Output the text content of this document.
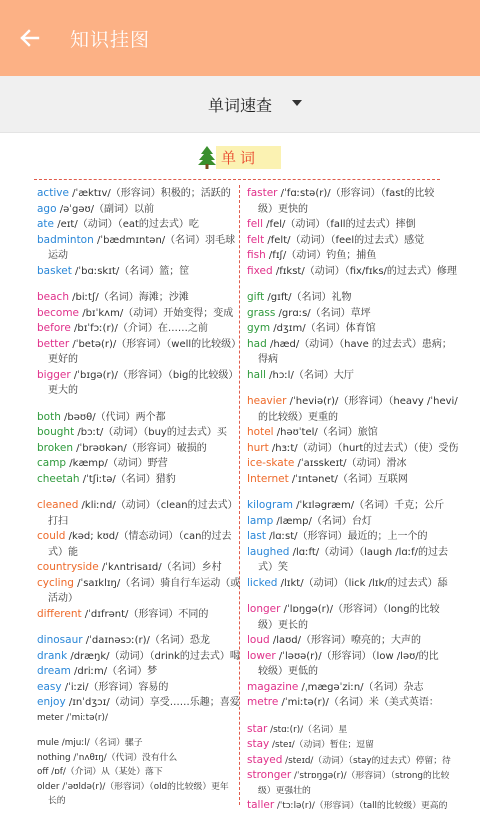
知识挂图
单词速查
单词
active /ˈæktɪv/（形容词）积极的；活跃的
ago /əˈgəʊ/（副词）以前
ate /eɪt/（动词）（eat的过去式）吃
badminton /ˈbædmɪntən/（名词）羽毛球
运动
basket /ˈbɑːskɪt/（名词）篮；筐
beach /biːtʃ/（名词）海滩；沙滩
become /bɪˈkʌm/（动词）开始变得；变成
before /bɪˈfɔː(r)/（介词）在……之前
better /ˈbetə(r)/（形容词）（well的比较级）
更好的
bigger /ˈbɪgə(r)/（形容词）（big的比较级）
更大的
both /bəʊθ/（代词）两个都
bought /bɔːt/（动词）（buy的过去式）买
broken /ˈbrəʊkən/（形容词）破损的
camp /kæmp/（动词）野营
cheetah /ˈtʃiːtə/（名词）猎豹
cleaned /kliːnd/（动词）（clean的过去式）
打扫
could /kəd; kʊd/（情态动词）（can的过去
式）能
countryside /ˈkʌntrisaɪd/（名词）乡村
cycling /ˈsaɪklɪŋ/（名词）骑自行车运动（或
活动）
different /ˈdɪfrənt/（形容词）不同的
dinosaur /ˈdaɪnəsɔː(r)/（名词）恐龙
drank /dræŋk/（动词）（drink的过去式）喝
dream /driːm/（名词）梦
easy /ˈiːzi/（形容词）容易的
enjoy /ɪnˈdʒɔɪ/（动词）享受……乐趣；喜爱
meter /ˈmiːtə(r)/
mule /mjuːl/（名词）骡子
nothing /ˈnʌθɪŋ/（代词）没有什么
off /ɒf/（介词）从（某处）落下
older /ˈəʊldə(r)/（形容词）（old的比较级）更年
长的
faster /ˈfɑːstə(r)/（形容词）（fast的比较
级）更快的
fell /fel/（动词）（fall的过去式）摔倒
felt /felt/（动词）（feel的过去式）感觉
fish /fɪʃ/（动词）钓鱼；捕鱼
fixed /fɪkst/（动词）（fix/fɪks/的过去式）修理
gift /gɪft/（名词）礼物
grass /grɑːs/（名词）草坪
gym /dʒɪm/（名词）体育馆
had /hæd/（动词）（have 的过去式）患病；
得病
hall /hɔːl/（名词）大厅
heavier /ˈheviə(r)/（形容词）（heavy /ˈhevi/
的比较级）更重的
hotel /həʊˈtel/（名词）旅馆
hurt /hɜːt/（动词）（hurt的过去式）（使）受伤
ice-skate /ˈaɪsskeɪt/（动词）滑冰
Internet /ˈɪntənet/（名词）互联网
kilogram /ˈkɪləgræm/（名词）千克；公斤
lamp /læmp/（名词）台灯
last /lɑːst/（形容词）最近的；上一个的
laughed /lɑːft/（动词）（laugh /lɑːf/的过去
式）笑
licked /lɪkt/（动词）（lick /lɪk/的过去式）舔
longer /ˈlɒŋgə(r)/（形容词）（long的比较
级）更长的
loud /laʊd/（形容词）嘹亮的；大声的
lower /ˈləʊə(r)/（形容词）（low /ləʊ/的比
较级）更低的
magazine /ˌmægəˈziːn/（名词）杂志
metre /ˈmiːtə(r)/（名词）米（美式英语：
star /stɑː(r)/（名词）星
stay /steɪ/（动词）暂住；逗留
stayed /steɪd/（动词）（stay的过去式）停留；待
stronger /ˈstrɒŋgə(r)/（形容词）（strong的比较
级）更强壮的
taller /ˈtɔːlə(r)/（形容词）（tall的比较级）更高的
